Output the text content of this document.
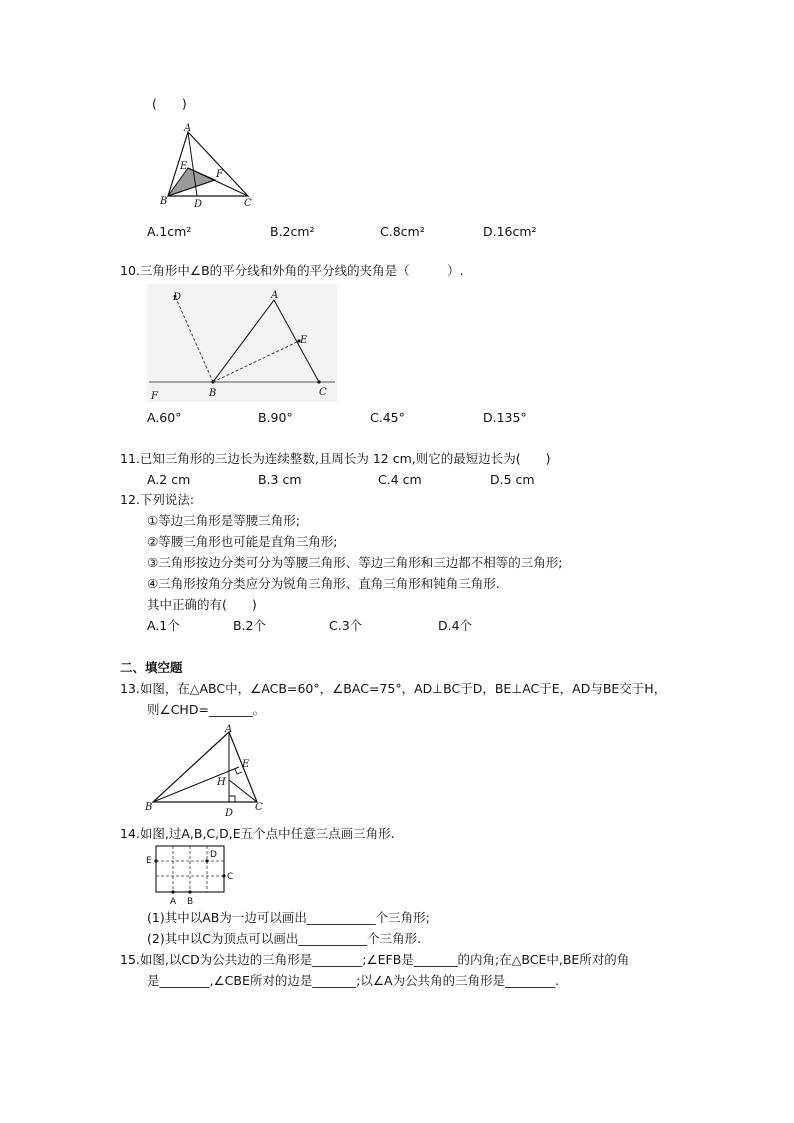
(　　)
A
E
F
B	D	C
A.1cm²	B.2cm²	C.8cm²	D.16cm²
10.三角形中∠B的平分线和外角的平分线的夹角是（　　　）.
D	A
E
B	C
F
A.60°	B.90°	C.45°	D.135°
11.已知三角形的三边长为连续整数,且周长为 12 cm,则它的最短边长为(　　)
A.2 cm	B.3 cm	C.4 cm	D.5 cm
12.下列说法:
①等边三角形是等腰三角形;
②等腰三角形也可能是直角三角形;
③三角形按边分类可分为等腰三角形、等边三角形和三边都不相等的三角形;
④三角形按角分类应分为锐角三角形、直角三角形和钝角三角形.
其中正确的有(　　)
A.1个	B.2个	C.3个	D.4个
二、填空题
13.如图，在△ABC中，∠ACB=60°，∠BAC=75°，AD⊥BC于D，BE⊥AC于E，AD与BE交于H，
则∠CHD=_______。
A
E
H
B
D
C
14.如图,过A,B,C,D,E五个点中任意三点画三角形.
E
D
C
A B
(1)其中以AB为一边可以画出___________个三角形;
(2)其中以C为顶点可以画出___________个三角形.
15.如图,以CD为公共边的三角形是________;∠EFB是_______的内角;在△BCE中,BE所对的角
是________,∠CBE所对的边是_______;以∠A为公共角的三角形是________.
